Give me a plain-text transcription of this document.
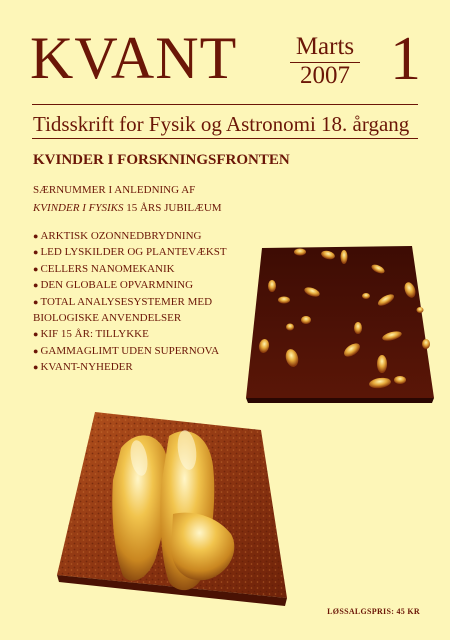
KVANT Marts
2007 1
Tidsskrift for Fysik og Astronomi 18. årgang
KVINDER I FORSKNINGSFRONTEN
SÆRNUMMER I ANLEDNING AF
KVINDER I FYSIKS 15 ÅRS JUBILÆUM
● ARKTISK OZONNEDBRYDNING
● LED LYSKILDER OG PLANTEVÆKST
● CELLERS NANOMEKANIK
● DEN GLOBALE OPVARMNING
● TOTAL ANALYSESYSTEMER MED
BIOLOGISKE ANVENDELSER
● KIF 15 ÅR: TILLYKKE
● GAMMAGLIMT UDEN SUPERNOVA
● KVANT-NYHEDER
LØSSALGSPRIS: 45 KR
